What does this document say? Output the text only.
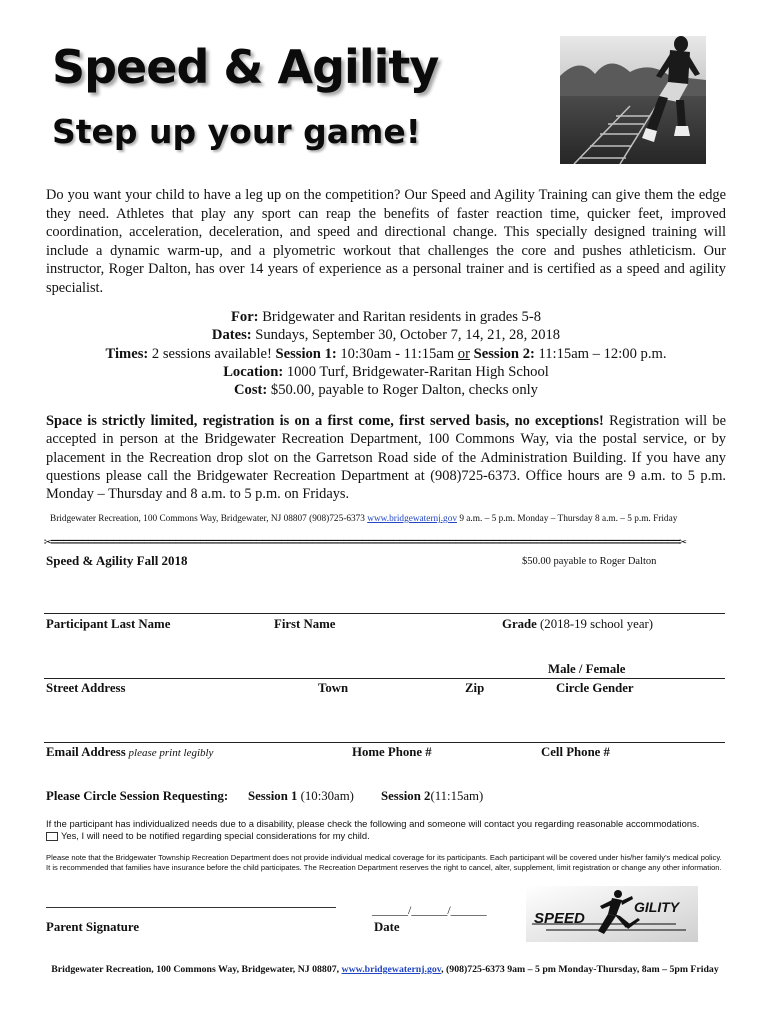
Speed & Agility
Step up your game!
Do you want your child to have a leg up on the competition? Our Speed and Agility Training can give them the edge they need. Athletes that play any sport can reap the benefits of faster reaction time, quicker feet, improved coordination, acceleration, deceleration, and speed and directional change. This specially designed training will include a dynamic warm-up, and a plyometric workout that challenges the core and pushes athleticism. Our instructor, Roger Dalton, has over 14 years of experience as a personal trainer and is certified as a speed and agility specialist.
For: Bridgewater and Raritan residents in grades 5-8
Dates: Sundays, September 30, October 7, 14, 21, 28, 2018
Times: 2 sessions available! Session 1: 10:30am - 11:15am or Session 2: 11:15am – 12:00 p.m.
Location: 1000 Turf, Bridgewater-Raritan High School
Cost: $50.00, payable to Roger Dalton, checks only
Space is strictly limited, registration is on a first come, first served basis, no exceptions! Registration will be accepted in person at the Bridgewater Recreation Department, 100 Commons Way, via the postal service, or by placement in the Recreation drop slot on the Garretson Road side of the Administration Building. If you have any questions please call the Bridgewater Recreation Department at (908)725-6373. Office hours are 9 a.m. to 5 p.m. Monday – Thursday and 8 a.m. to 5 p.m. on Fridays.
Bridgewater Recreation, 100 Commons Way, Bridgewater, NJ 08807 (908)725-6373 www.bridgewaternj.gov 9 a.m. – 5 p.m. Monday – Thursday 8 a.m. – 5 p.m. Friday
✂=====================================================================================================✂
Speed & Agility Fall 2018	$50.00 payable to Roger Dalton
Participant Last Name	First Name	Grade (2018-19 school year)
Male / Female
Street Address	Town	Zip	Circle Gender
Email Address please print legibly	Home Phone #	Cell Phone #
Please Circle Session Requesting: Session 1 (10:30am) Session 2(11:15am)
If the participant has individualized needs due to a disability, please check the following and someone will contact you regarding reasonable accommodations.
Yes, I will need to be notified regarding special considerations for my child.
Please note that the Bridgewater Township Recreation Department does not provide individual medical coverage for its participants. Each participant will be covered under his/her family's medical policy. It is recommended that families have insurance before the child participates. The Recreation Department reserves the right to cancel, alter, supplement, limit registration or change any other information.
Parent Signature
______/______/______
Date	SPEED
GILITY
Bridgewater Recreation, 100 Commons Way, Bridgewater, NJ 08807, www.bridgewaternj.gov, (908)725-6373 9am – 5 pm Monday-Thursday, 8am – 5pm Friday
